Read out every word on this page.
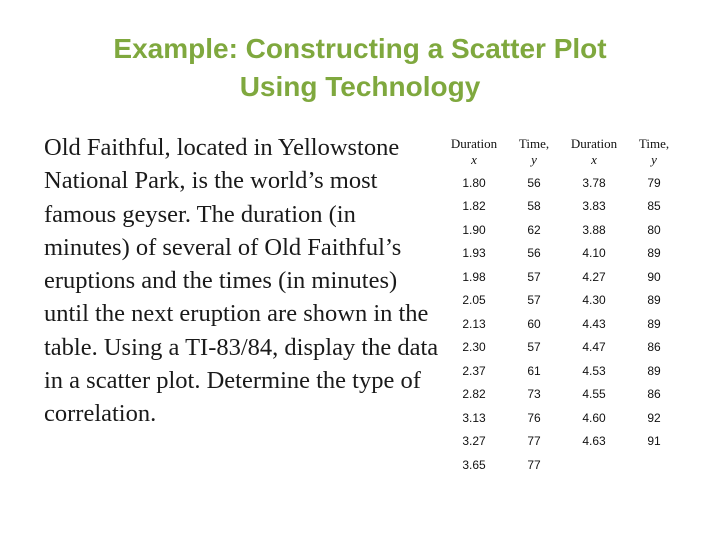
Example: Constructing a Scatter Plot
Using Technology
Old Faithful, located in Yellowstone National Park, is the world’s most famous geyser. The duration (in minutes) of several of Old Faithful’s eruptions and the times (in minutes) until the next eruption are shown in the table. Using a TI-83/84, display the data in a scatter plot. Determine the type of correlation.
Duration
x	Time,
y	Duration
x	Time,
y

1.80	56	3.78	79
1.82	58	3.83	85
1.90	62	3.88	80
1.93	56	4.10	89
1.98	57	4.27	90
2.05	57	4.30	89
2.13	60	4.43	89
2.30	57	4.47	86
2.37	61	4.53	89
2.82	73	4.55	86
3.13	76	4.60	92
3.27	77	4.63	91
3.65	77		
